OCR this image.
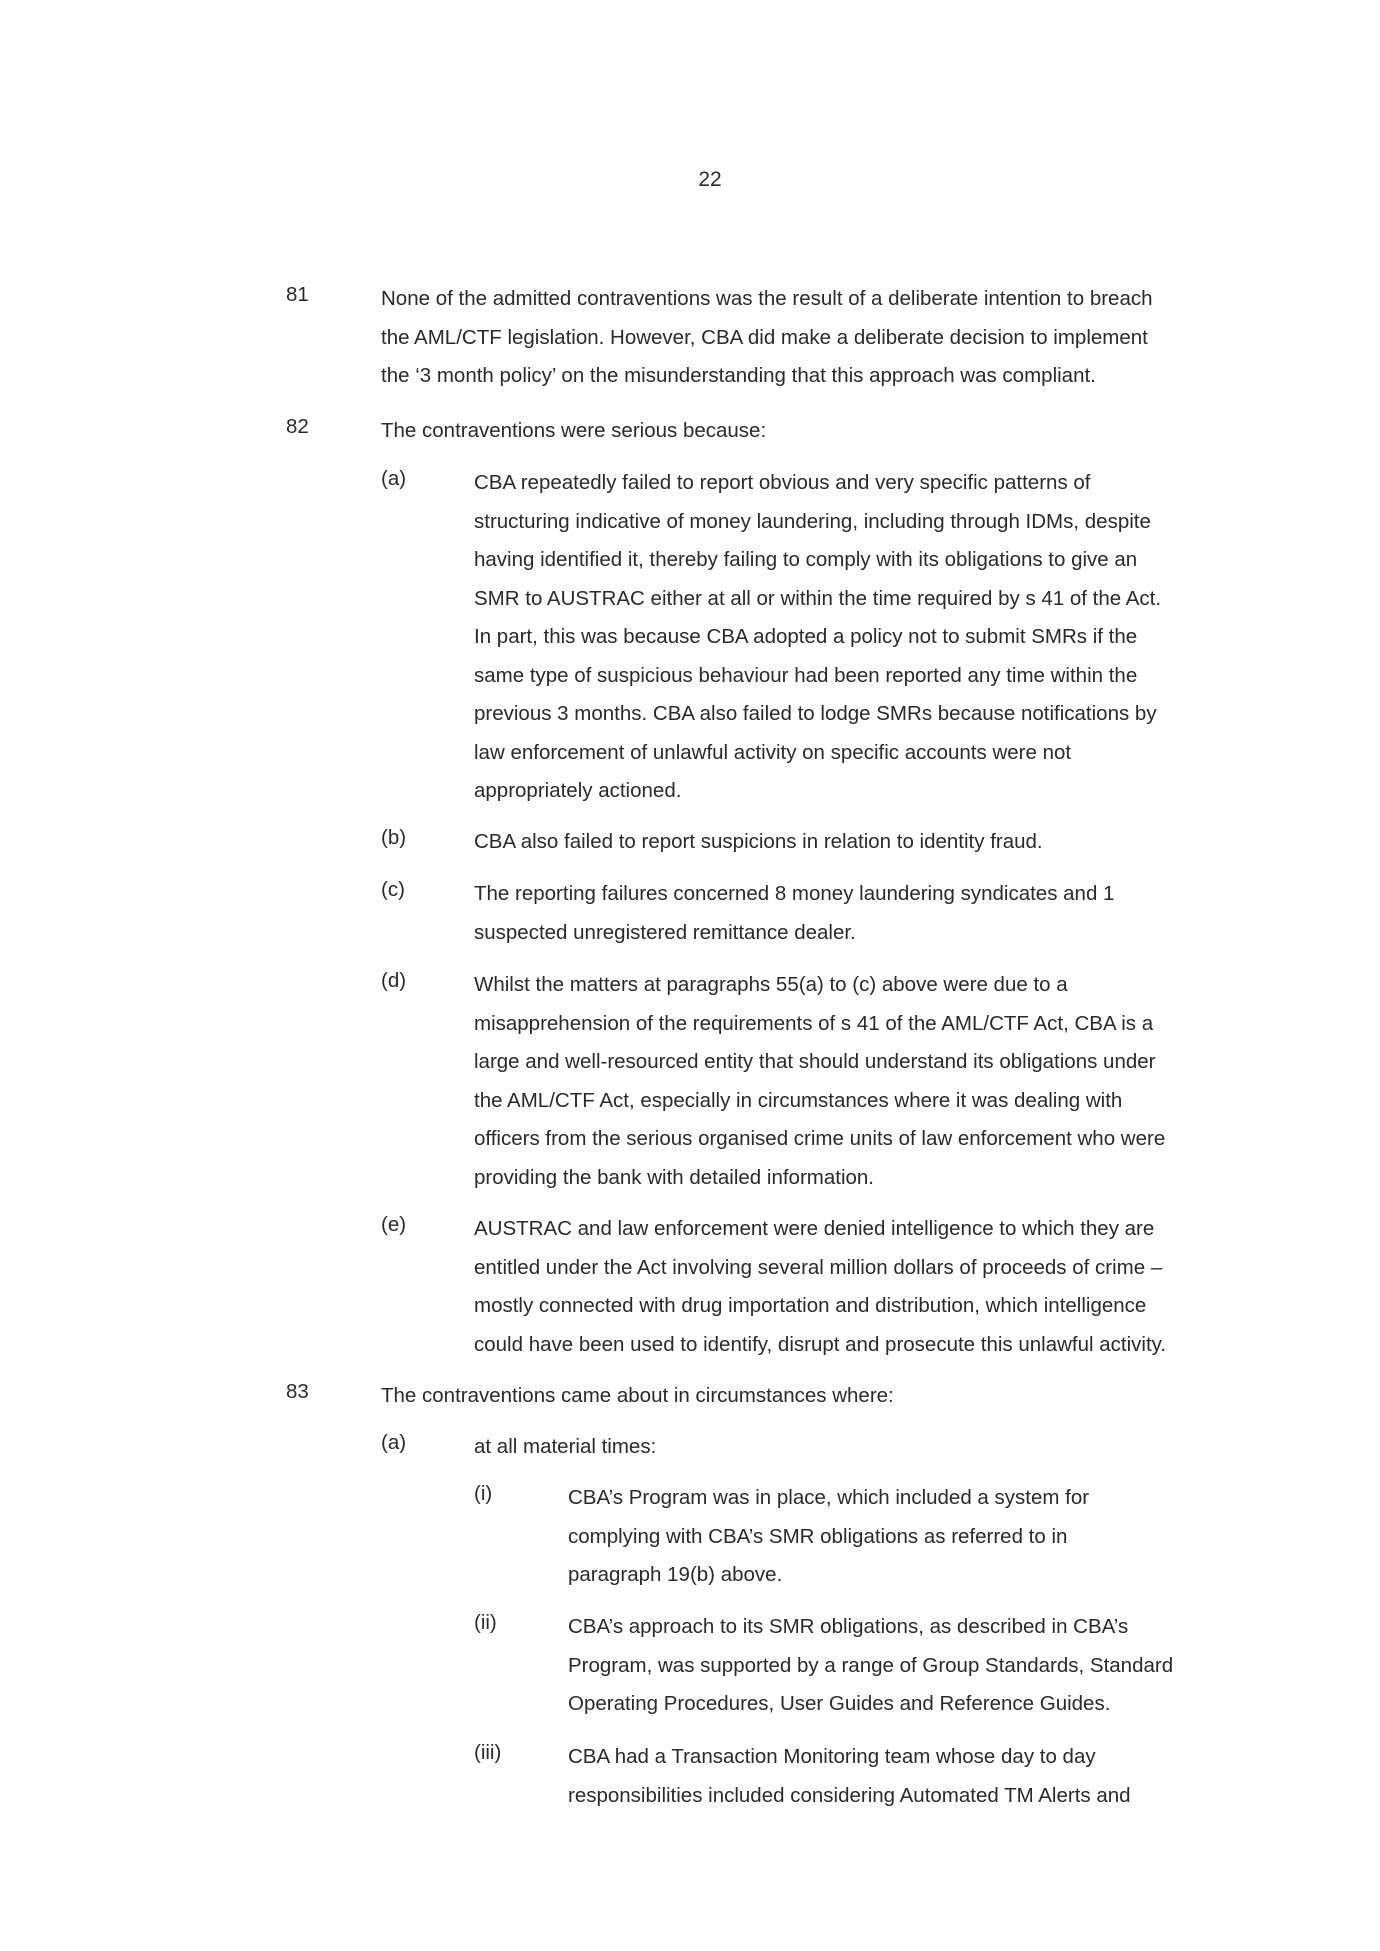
22
81	None of the admitted contraventions was the result of a deliberate intention to breach
the AML/CTF legislation. However, CBA did make a deliberate decision to implement
the ‘3 month policy’ on the misunderstanding that this approach was compliant.
82	The contraventions were serious because:
(a)	CBA repeatedly failed to report obvious and very specific patterns of
structuring indicative of money laundering, including through IDMs, despite
having identified it, thereby failing to comply with its obligations to give an
SMR to AUSTRAC either at all or within the time required by s 41 of the Act.
In part, this was because CBA adopted a policy not to submit SMRs if the
same type of suspicious behaviour had been reported any time within the
previous 3 months. CBA also failed to lodge SMRs because notifications by
law enforcement of unlawful activity on specific accounts were not
appropriately actioned.
(b)	CBA also failed to report suspicions in relation to identity fraud.
(c)	The reporting failures concerned 8 money laundering syndicates and 1
suspected unregistered remittance dealer.
(d)	Whilst the matters at paragraphs 55(a) to (c) above were due to a
misapprehension of the requirements of s 41 of the AML/CTF Act, CBA is a
large and well-resourced entity that should understand its obligations under
the AML/CTF Act, especially in circumstances where it was dealing with
officers from the serious organised crime units of law enforcement who were
providing the bank with detailed information.
(e)	AUSTRAC and law enforcement were denied intelligence to which they are
entitled under the Act involving several million dollars of proceeds of crime –
mostly connected with drug importation and distribution, which intelligence
could have been used to identify, disrupt and prosecute this unlawful activity.
83	The contraventions came about in circumstances where:
(a)	at all material times:
(i)	CBA’s Program was in place, which included a system for
complying with CBA’s SMR obligations as referred to in
paragraph 19(b) above.
(ii)	CBA’s approach to its SMR obligations, as described in CBA’s
Program, was supported by a range of Group Standards, Standard
Operating Procedures, User Guides and Reference Guides.
(iii)	CBA had a Transaction Monitoring team whose day to day
responsibilities included considering Automated TM Alerts and
